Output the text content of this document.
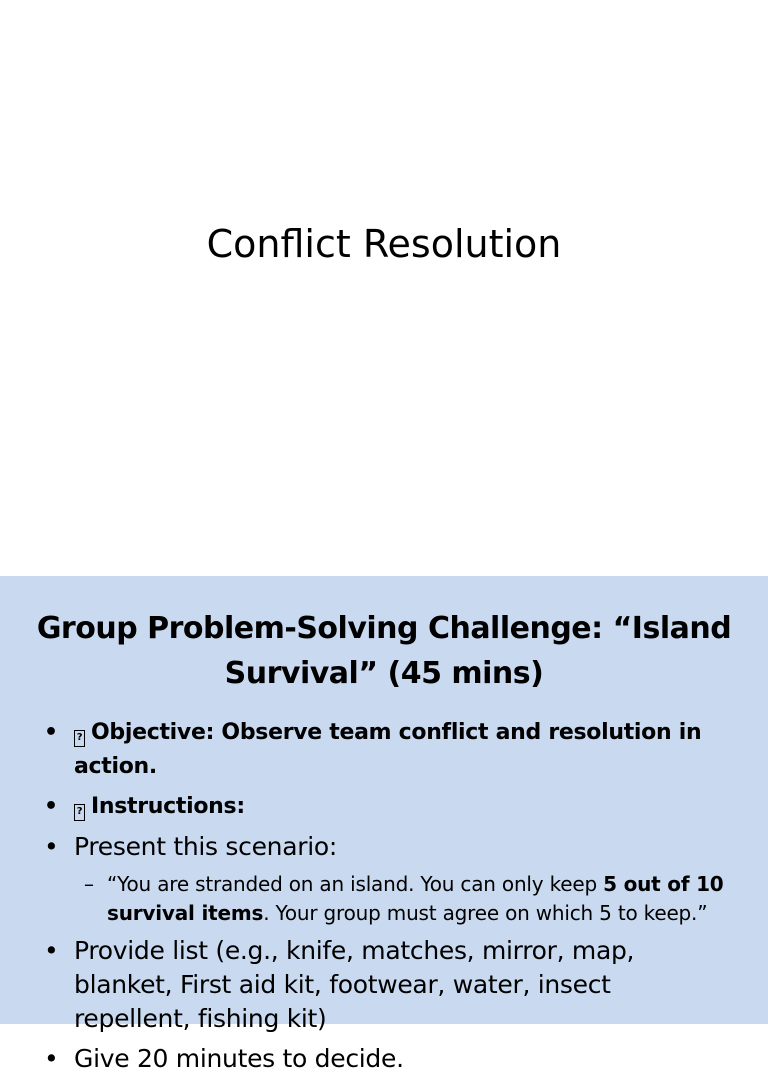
Conflict Resolution
Group Problem-Solving Challenge: “Island Survival” (45 mins)
• ? Objective: Observe team conflict and resolution in action.
• ? Instructions:
• Present this scenario:
– “You are stranded on an island. You can only keep 5 out of 10 survival items. Your group must agree on which 5 to keep.”
• Provide list (e.g., knife, matches, mirror, map, blanket, First aid kit, footwear, water, insect repellent, fishing kit)
• Give 20 minutes to decide.
